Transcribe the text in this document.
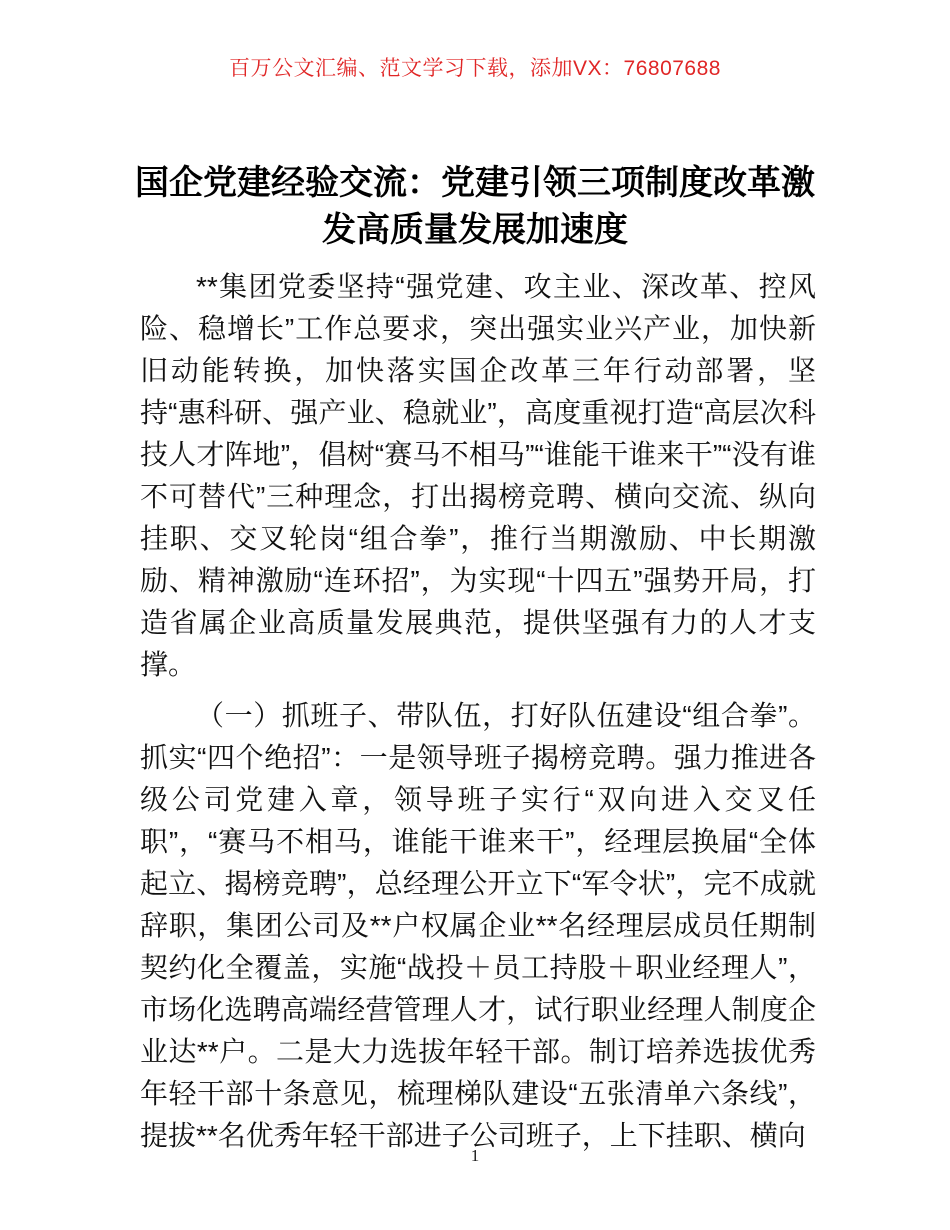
百万公文汇编、范文学习下载，添加VX：76807688
国企党建经验交流：党建引领三项制度改革激发高质量发展加速度

**集团党委坚持“强党建、攻主业、深改革、控风险、稳增长”工作总要求，突出强实业兴产业，加快新旧动能转换，加快落实国企改革三年行动部署，坚持“惠科研、强产业、稳就业”，高度重视打造“高层次科技人才阵地”，倡树“赛马不相马”“谁能干谁来干”“没有谁不可替代”三种理念，打出揭榜竞聘、横向交流、纵向挂职、交叉轮岗“组合拳”，推行当期激励、中长期激励、精神激励“连环招”，为实现“十四五”强势开局，打造省属企业高质量发展典范，提供坚强有力的人才支撑。

（一）抓班子、带队伍，打好队伍建设“组合拳”。抓实“四个绝招”：一是领导班子揭榜竞聘。强力推进各级公司党建入章，领导班子实行“双向进入交叉任职”，“赛马不相马，谁能干谁来干”，经理层换届“全体起立、揭榜竞聘”，总经理公开立下“军令状”，完不成就辞职，集团公司及**户权属企业**名经理层成员任期制契约化全覆盖，实施“战投＋员工持股＋职业经理人”，市场化选聘高端经营管理人才，试行职业经理人制度企业达**户。二是大力选拔年轻干部。制订培养选拔优秀年轻干部十条意见，梳理梯队建设“五张清单六条线”，提拔**名优秀年轻干部进子公司班子，上下挂职、横向

1
